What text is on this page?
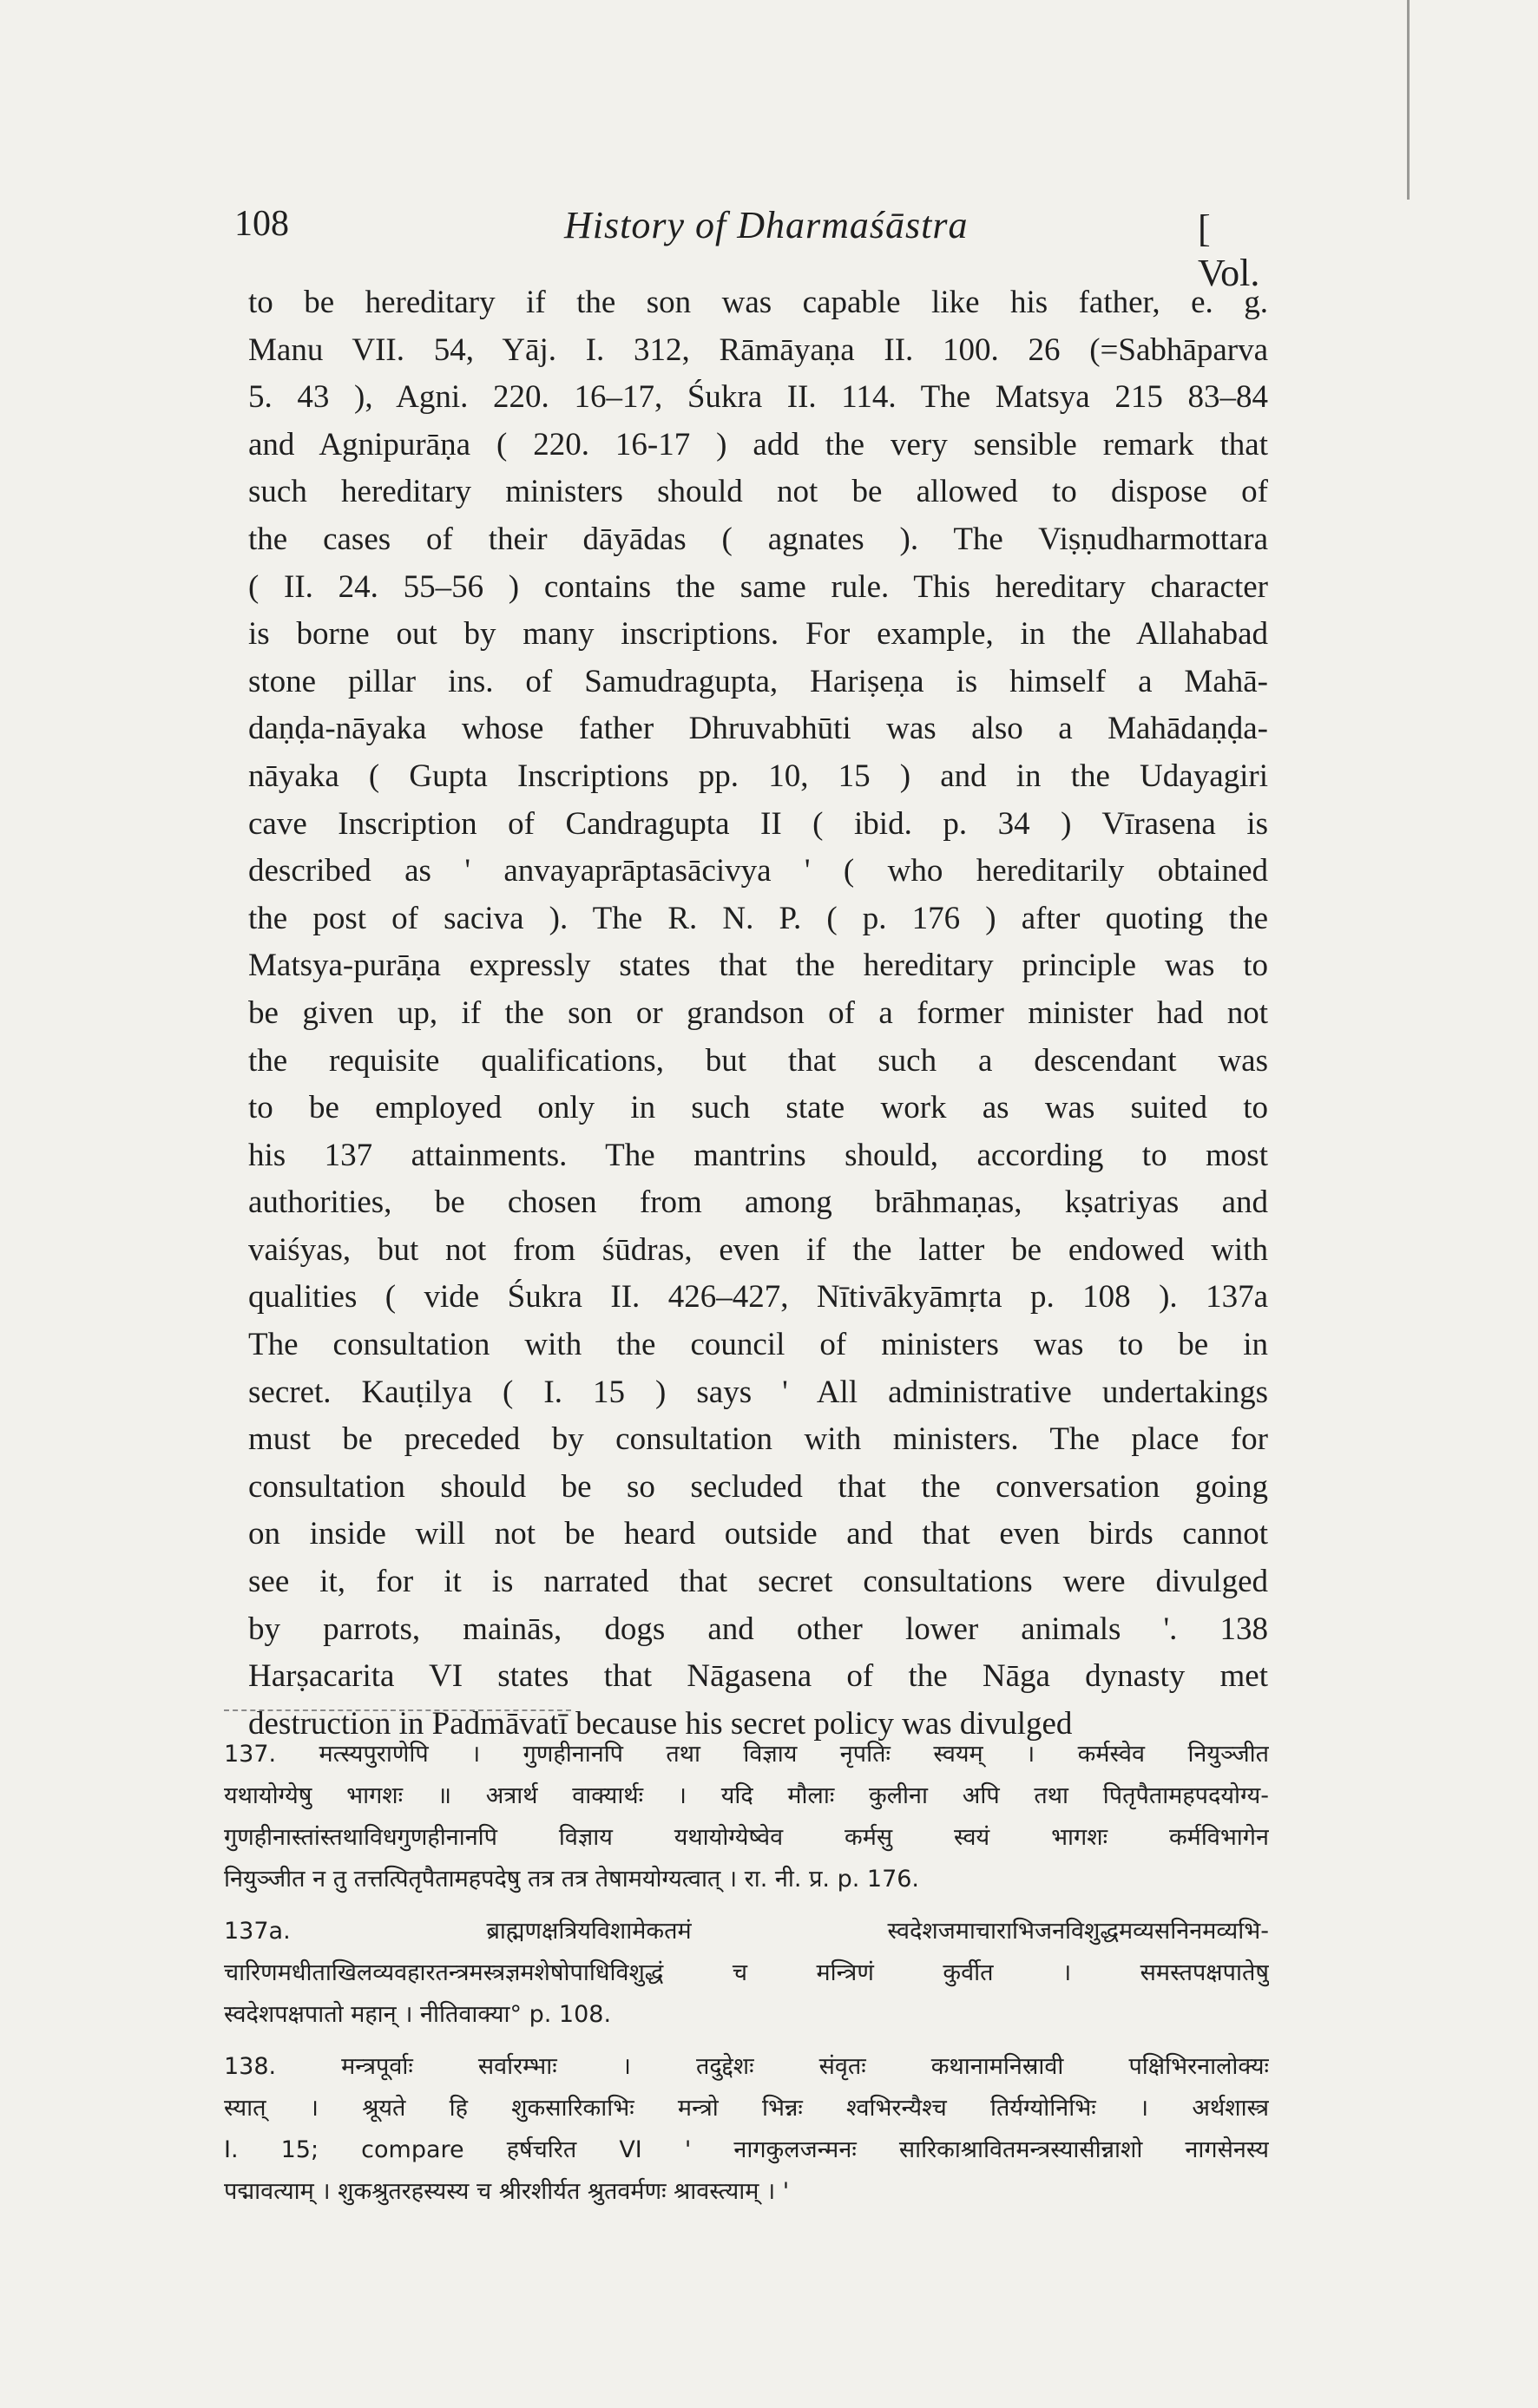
108	History of Dharmaśāstra	[ Vol.
to be hereditary if the son was capable like his father, e. g.
Manu VII. 54, Yāj. I. 312, Rāmāyaṇa II. 100. 26 (=Sabhāparva
5. 43 ), Agni. 220. 16–17, Śukra II. 114. The Matsya 215 83–84
and Agnipurāṇa ( 220. 16-17 ) add the very sensible remark that
such hereditary ministers should not be allowed to dispose of
the cases of their dāyādas ( agnates ). The Viṣṇudharmottara
( II. 24. 55–56 ) contains the same rule. This hereditary character
is borne out by many inscriptions. For example, in the Allahabad
stone pillar ins. of Samudragupta, Hariṣeṇa is himself a Mahā-
daṇḍa-nāyaka whose father Dhruvabhūti was also a Mahādaṇḍa-
nāyaka ( Gupta Inscriptions pp. 10, 15 ) and in the Udayagiri
cave Inscription of Candragupta II ( ibid. p. 34 ) Vīrasena is
described as ' anvayaprāptasācivya ' ( who hereditarily obtained
the post of saciva ). The R. N. P. ( p. 176 ) after quoting the
Matsya-purāṇa expressly states that the hereditary principle was to
be given up, if the son or grandson of a former minister had not
the requisite qualifications, but that such a descendant was
to be employed only in such state work as was suited to
his 137 attainments. The mantrins should, according to most
authorities, be chosen from among brāhmaṇas, kṣatriyas and
vaiśyas, but not from śūdras, even if the latter be endowed with
qualities ( vide Śukra II. 426–427, Nītivākyāmṛta p. 108 ). 137a
The consultation with the council of ministers was to be in
secret. Kauṭilya ( I. 15 ) says ' All administrative undertakings
must be preceded by consultation with ministers. The place for
consultation should be so secluded that the conversation going
on inside will not be heard outside and that even birds cannot
see it, for it is narrated that secret consultations were divulged
by parrots, mainās, dogs and other lower animals '. 138
Harṣacarita VI states that Nāgasena of the Nāga dynasty met
destruction in Padmāvatī because his secret policy was divulged
137. मत्स्यपुराणेपि । गुणहीनानपि तथा विज्ञाय नृपतिः स्वयम् । कर्मस्वेव नियुञ्जीत
यथायोग्येषु भागशः ॥ अत्रार्थ वाक्यार्थः । यदि मौलाः कुलीना अपि तथा पितृपैतामहपदयोग्य-
गुणहीनास्तांस्तथाविधगुणहीनानपि विज्ञाय यथायोग्येष्वेव कर्मसु स्वयं भागशः कर्मविभागेन
नियुञ्जीत न तु तत्तत्पितृपैतामहपदेषु तत्र तत्र तेषामयोग्यत्वात् । रा. नी. प्र. p. 176.
137a. ब्राह्मणक्षत्रियविशामेकतमं स्वदेशजमाचाराभिजनविशुद्धमव्यसनिनमव्यभि-
चारिणमधीताखिलव्यवहारतन्त्रमस्त्रज्ञमशेषोपाधिविशुद्धं च मन्त्रिणं कुर्वीत । समस्तपक्षपातेषु
स्वदेशपक्षपातो महान् । नीतिवाक्या° p. 108.
138. मन्त्रपूर्वाः सर्वारम्भाः । तदुद्देशः संवृतः कथानामनिस्रावी पक्षिभिरनालोक्यः
स्यात् । श्रूयते हि शुकसारिकाभिः मन्त्रो भिन्नः श्वभिरन्यैश्च तिर्यग्योनिभिः । अर्थशास्त्र
I. 15; compare हर्षचरित VI ' नागकुलजन्मनः सारिकाश्रावितमन्त्रस्यासीन्नाशो नागसेनस्य
पद्मावत्याम् । शुकश्रुतरहस्यस्य च श्रीरशीर्यत श्रुतवर्मणः श्रावस्त्याम् । '
